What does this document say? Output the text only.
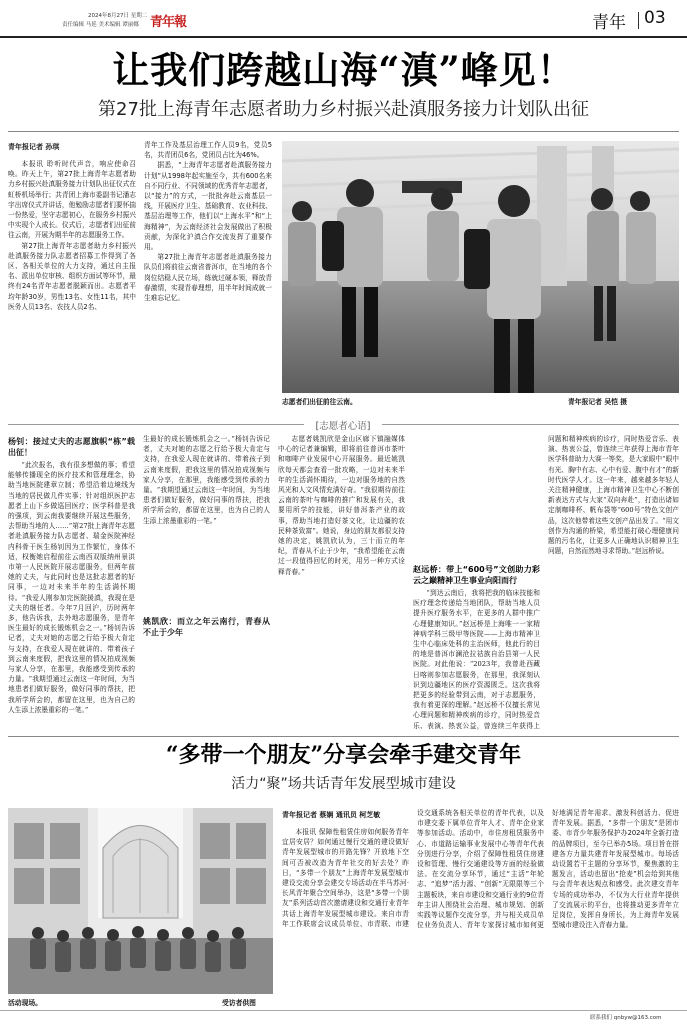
青年報
2024年8月27日 星期二
责任编辑 马延 美术编辑 谭丽娜	青年 03
让我们跨越山海“滇”峰见！
第27批上海青年志愿者助力乡村振兴赴滇服务接力计划队出征
青年报记者 孙琪

本报讯 聆听时代声音，响应使命召唤。昨天上午，第27批上海青年志愿者助力乡村振兴赴滇服务接力计划队出征仪式在虹桥机场举行；共青团上海市委副书记潘志宇出席仪式并讲话，他勉励志愿者们要怀揣一份热爱，坚守志愿初心，在服务乡村振兴中实现个人成长。仪式后，志愿者们出征前往云南，开展为期半年的志愿服务工作。

第27批上海青年志愿者助力乡村振兴赴滇服务接力队志愿者招募工作得到了各区、各相关单位的大力支持，通过自主报名、派出单位审核、组织方面试等环节，最终有24名青年志愿者脱颖而出。志愿者平均年龄30岁，男性13名、女性11名，其中医务人员13名、农技人员2名、

青年工作及基层治理工作人员9名，党员5名，共青团员6名，党团员占比为46%。

据悉，“上海青年志愿者赴滇服务接力计划”从1998年起实施至今，共有600名来自不同行业、不同领域的优秀青年志愿者，以“接力”的方式，一批批奔赴云南基层一线，开展医疗卫生、基础教育、农业科技、基层治理等工作，他们以“上海水平”和“上海精神”，为云南经济社会发展做出了积极贡献，为深化沪滇合作交流发挥了重要作用。

第27批上海青年志愿者赴滇服务接力队员们将前往云南省普洱市，在当地的各个岗位结稳人民立场，练就过硬本领，释放青春激情，实现青春理想，用半年时间成就一生难忘记忆。

志愿者们出征前往云南。	青年报记者 吴恺 摄
[志愿者心语]
杨钊：接过丈夫的志愿旗帜“栋”载出征！

“此次报名，我有很多想做的事；希望能够传播现全的医疗技术和管理理念，协助当地医院建章立制；希望沿着边境线为当地的居民做几件实事；针对组织医护志愿者上山下乡做巡回医疗；医学科普是我的强项，到云南我要继续开展这些服务，去帮助当地的人……”第27批上海青年志愿者赴滇服务接力队志愿者、瑞金医院神经内科骨干医生杨钊因为工作繁忙，身体不适，权衡她启程前往云南西双版纳州景洪市第一人民医院开展志愿服务，但两年前她的丈夫，与此同时也是这批志愿者的好同事，一边对未来半年的生活满怀期待。“我爱人刚参加完医院援滇，我现在是丈夫的继任者。今年7月回沪，历时两年多，他告诉我，去外地志愿服务，是青年医生最好的成长锻炼机会之一。”杨钊告诉记者，丈夫对她的志愿之行给予极大肯定与支持，在我爱人现在就讲的、带着孩子到云南来度假，把我这里的情况拍成视频与家人分享，在那里，我能感受到传承的力量。“我期望通过云南这一年时间，为当地患者们做好服务，做好同事的帮扶，把我所学所会的，都留在这里，也为自己的人生添上浓墨重彩的一笔。”

生最好的成长锻炼机会之一。”杨钊告诉记者，丈夫对她的志愿之行给予极大肯定与支持，在我爱人现在就讲的、带着孩子到云南来度假，把我这里的情况拍成视频与家人分享，在那里，我能感受到传承的力量。“我期望通过云南这一年时间，为当地患者们做好服务，做好同事的帮扶，把我所学所会的，都留在这里，也为自己的人生添上浓墨重彩的一笔。”

姚凯欣：而立之年云南行，青春从不止于少年

志愿者姚凯欣是金山区廊下镇融媒体中心的记者兼编辑，即将前往普洱市茶叶和咖啡产业发展中心开展服务。最近姚凯欣每天都会查看一批攻略，一边对未来半年的生活满怀期待，一边对服务地的自然风光和人文风情充满好奇。“我很期待前往云南的茶叶与咖啡的推广和发展有关，我要用所学的技能，讲好普洱茶产业的故事，帮助当地打造好茶文化，让边疆的农民种茶致富”。她说，身边的朋友都很支持她的决定，姚凯欣认为，三十而立的年纪，青春从不止于少年，“我希望能在云南过一段值得回忆的时光，用另一种方式诠释青春。”	赵远桥：带上“600号”文创助力彩云之巅精神卫生事业向阳而行

“到达云南后，我将把我的临床技能和医疗理念传递给当地团队，帮助当地人员提升医疗服务水平，在更多的人群中推广心理健康知识。”赵远桥是上海唯一一家精神病学科三级甲等医院——上海市精神卫生中心临床处科的主治医师，他此行的目的地是普洱市澜沧拉祜族自治县第一人民医院。对此他说：“2023年，我曾赴西藏日喀则参加志愿服务，在那里，我深刻认识到边疆地区的医疗资源匮乏。这次我将把更多的经验带到云南，对于志愿服务，我有着更深的理解。”赵远桥不仅擅长常见心理问题和精神疾病的诊疗，同时热爱音乐、表演、热衷公益，曾连续三年获得上

问题和精神疾病的诊疗，同时热爱音乐、表演、热衷公益，曾连续三年获得上海市青年医学科普助力大赛一等奖，是大家眼中“眼中有光、胸中有志、心中有爱、腹中有才”的新时代医学人才。这一年来，越来越多年轻人关注精神健康，上海市精神卫生中心不断创新表达方式与大家“双向奔赴”，打造出诸如定制咖啡杯、帆布袋等“600号”特色文创产品，这次他带着这些文创产品出发了。“用文创作为沟通的桥梁，希望能打破心理健康问题的污名化，让更多人正确地认识精神卫生问题，自然而然地寻求帮助。”赵远桥说。

“多带一个朋友”分享会牵手建交青年
活力“聚”场共话青年发展型城市建设
活动现场。	受访者供图
青年报记者 蔡娴 通讯员 柯芝敏

本报讯 保障性租赁住房如何服务青年宜居安居？如何通过慢行交通的建设做好青年发展型城市的开路先锋？开放地下空间可否被改造为青年社交的好去处？昨日，“多带一个朋友”上海青年发展型城市建设交流分享会建交专场活动在半马苏河·长风青年聚合空间举办，这是“多带一个朋友”系列活动首次邀请建设和交通行业青年共话上海青年发展型城市建设。来自市青年工作联席会议成员单位、市青联、市建设交通系统各相关单位的青年代表，以及市建交委下属单位青年人才、青年企业家等参加活动。活动中，市住房租赁服务中心、市道路运输事业发展中心等青年代表分别进行分享，介绍了保障性租赁住房建设和管理、慢行交通建设等方面的经验做法。在交流分享环节，通过“主活”年轮志、“追梦”活力源、“创新”无限限等三个主题板块，来自市建设和交通行业的9位青年主讲人围绕社会治理、城市规划、创新实践等议题作交流分享，并与相关成员单位业务负责人、青年专家探讨城市如何更好地满足青年需求、激发科创活力、促进青年发展。据悉，“多带一个朋友”是团市委、市青少年服务保护办2024年全新打造的品牌项目，至今已举办5场。项目旨在搭建各方力量共建青年发展型城市。每场活动设置若干主题的分享环节，聚焦激的主题发言，活动也留出“抢麦”机会给到其他与会青年表达观点和感受。此次建交青年专场的成功举办，不仅为大行业青年提供了交流展示的平台，也将推动更多青年立足岗位，发挥自身所长，为上海青年发展型城市建设注入青春力量。

联系我们 qnbyw@163.com
